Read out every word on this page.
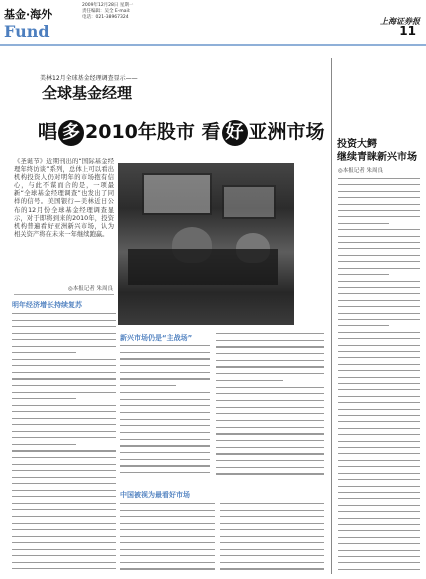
基金·海外
Fund
2009年12月28日 星期一
责任编辑：吴全 E-mail:
电话：021-38967324	上海证券报
11
美林12月全球基金经理调查显示——
全球基金经理
唱 多 2010年股市 看 好 亚洲市场
《圣诞节》近期刊出的“国际基金经理年终访谈”系列，总体上可以看出机构投资人仍对明年的市场抱有信心，与此不谋而合的是，一项最新“全球基金经理调查”也发出了同样的信号。美国银行—美林近日公布的12月份全球基金经理调查显示，对于即将到来的2010年，投资机构普遍看好亚洲新兴市场，认为相关资产将在未来一年继续跑赢。
◎本报记者 朱周良
明年经济增长持续复苏
新兴市场仍是“主战场”
中国被视为最看好市场
投资大鳄
继续青睐新兴市场
◎本报记者 朱周良
